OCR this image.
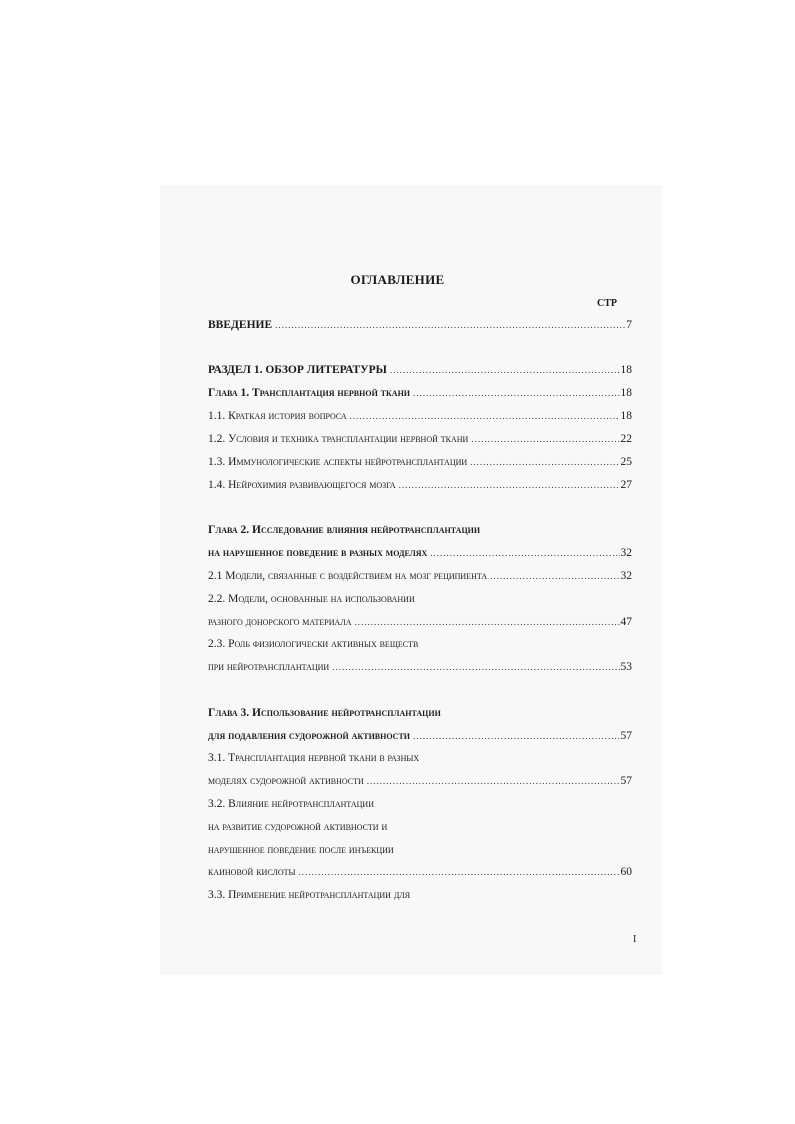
ОГЛАВЛЕНИЕ
СТР
ВВЕДЕНИЕ .....	7
РАЗДЕЛ 1. ОБЗОР ЛИТЕРАТУРЫ .....	18
Глава 1. Трансплантация нервной ткани .....	18
1.1. Краткая история вопроса .....	18
1.2. Условия и техника трансплантации нервной ткани .....	22
1.3. Иммунологические аспекты нейротрансплантации .....	25
1.4. Нейрохимия развивающегося мозга .....	27
Глава 2. Исследование влияния нейротрансплантации
на нарушенное поведение в разных моделях .....	32
2.1 Модели, связанные с воздействием на мозг реципиента .....	32
2.2. Модели, основанные на использовании
разного донорского материала .....	47
2.3. Роль физиологически активных веществ
при нейротрансплантации .....	53
Глава 3. Использование нейротрансплантации
для подавления судорожной активности .....	57
3.1. Трансплантация нервной ткани в разных
моделях судорожной активности .....	57
3.2. Влияние нейротрансплантации
на развитие судорожной активности и
нарушенное поведение после инъекции
каиновой кислоты .....	60
3.3. Применение нейротрансплантации для
I
